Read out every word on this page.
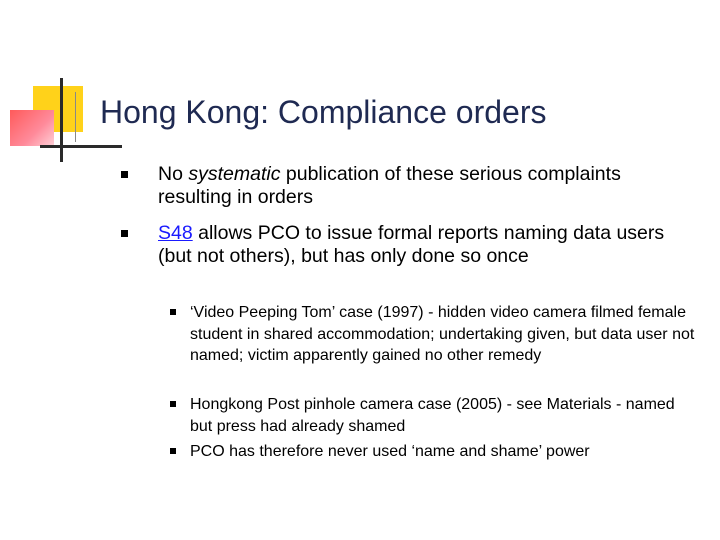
Hong Kong: Compliance orders
No systematic publication of these serious complaints resulting in orders
S48 allows PCO to issue formal reports naming data users (but not others), but has only done so once
‘Video Peeping Tom’ case (1997) - hidden video camera filmed female student in shared accommodation; undertaking given, but data user not named; victim apparently gained no other remedy
Hongkong Post pinhole camera case (2005) - see Materials - named but press had already shamed
PCO has therefore never used ‘name and shame’ power
